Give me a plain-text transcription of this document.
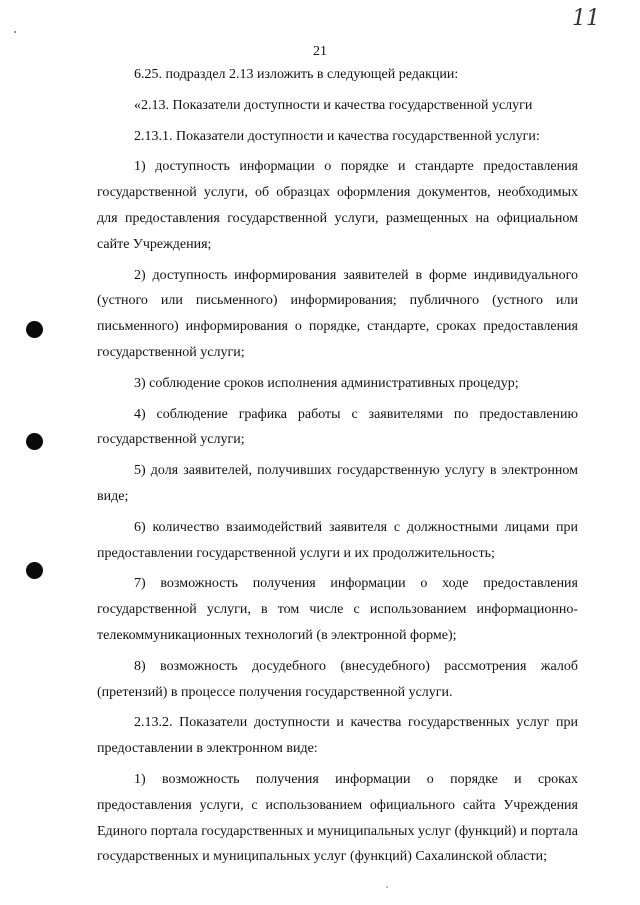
11
21

6.25. подраздел 2.13 изложить в следующей редакции:

«2.13. Показатели доступности и качества государственной услуги

2.13.1. Показатели доступности и качества государственной услуги:

1) доступность информации о порядке и стандарте предоставления государственной услуги, об образцах оформления документов, необходимых для предоставления государственной услуги, размещенных на официальном сайте Учреждения;

2) доступность информирования заявителей в форме индивидуального (устного или письменного) информирования; публичного (устного или письменного) информирования о порядке, стандарте, сроках предоставления государственной услуги;

3) соблюдение сроков исполнения административных процедур;

4) соблюдение графика работы с заявителями по предоставлению государственной услуги;

5) доля заявителей, получивших государственную услугу в электронном виде;

6) количество взаимодействий заявителя с должностными лицами при предоставлении государственной услуги и их продолжительность;

7) возможность получения информации о ходе предоставления государственной услуги, в том числе с использованием информационно-телекоммуникационных технологий (в электронной форме);

8) возможность досудебного (внесудебного) рассмотрения жалоб (претензий) в процессе получения государственной услуги.

2.13.2. Показатели доступности и качества государственных услуг при предоставлении в электронном виде:

1) возможность получения информации о порядке и сроках предоставления услуги, с использованием официального сайта Учреждения Единого портала государственных и муниципальных услуг (функций) и портала государственных и муниципальных услуг (функций) Сахалинской области;
